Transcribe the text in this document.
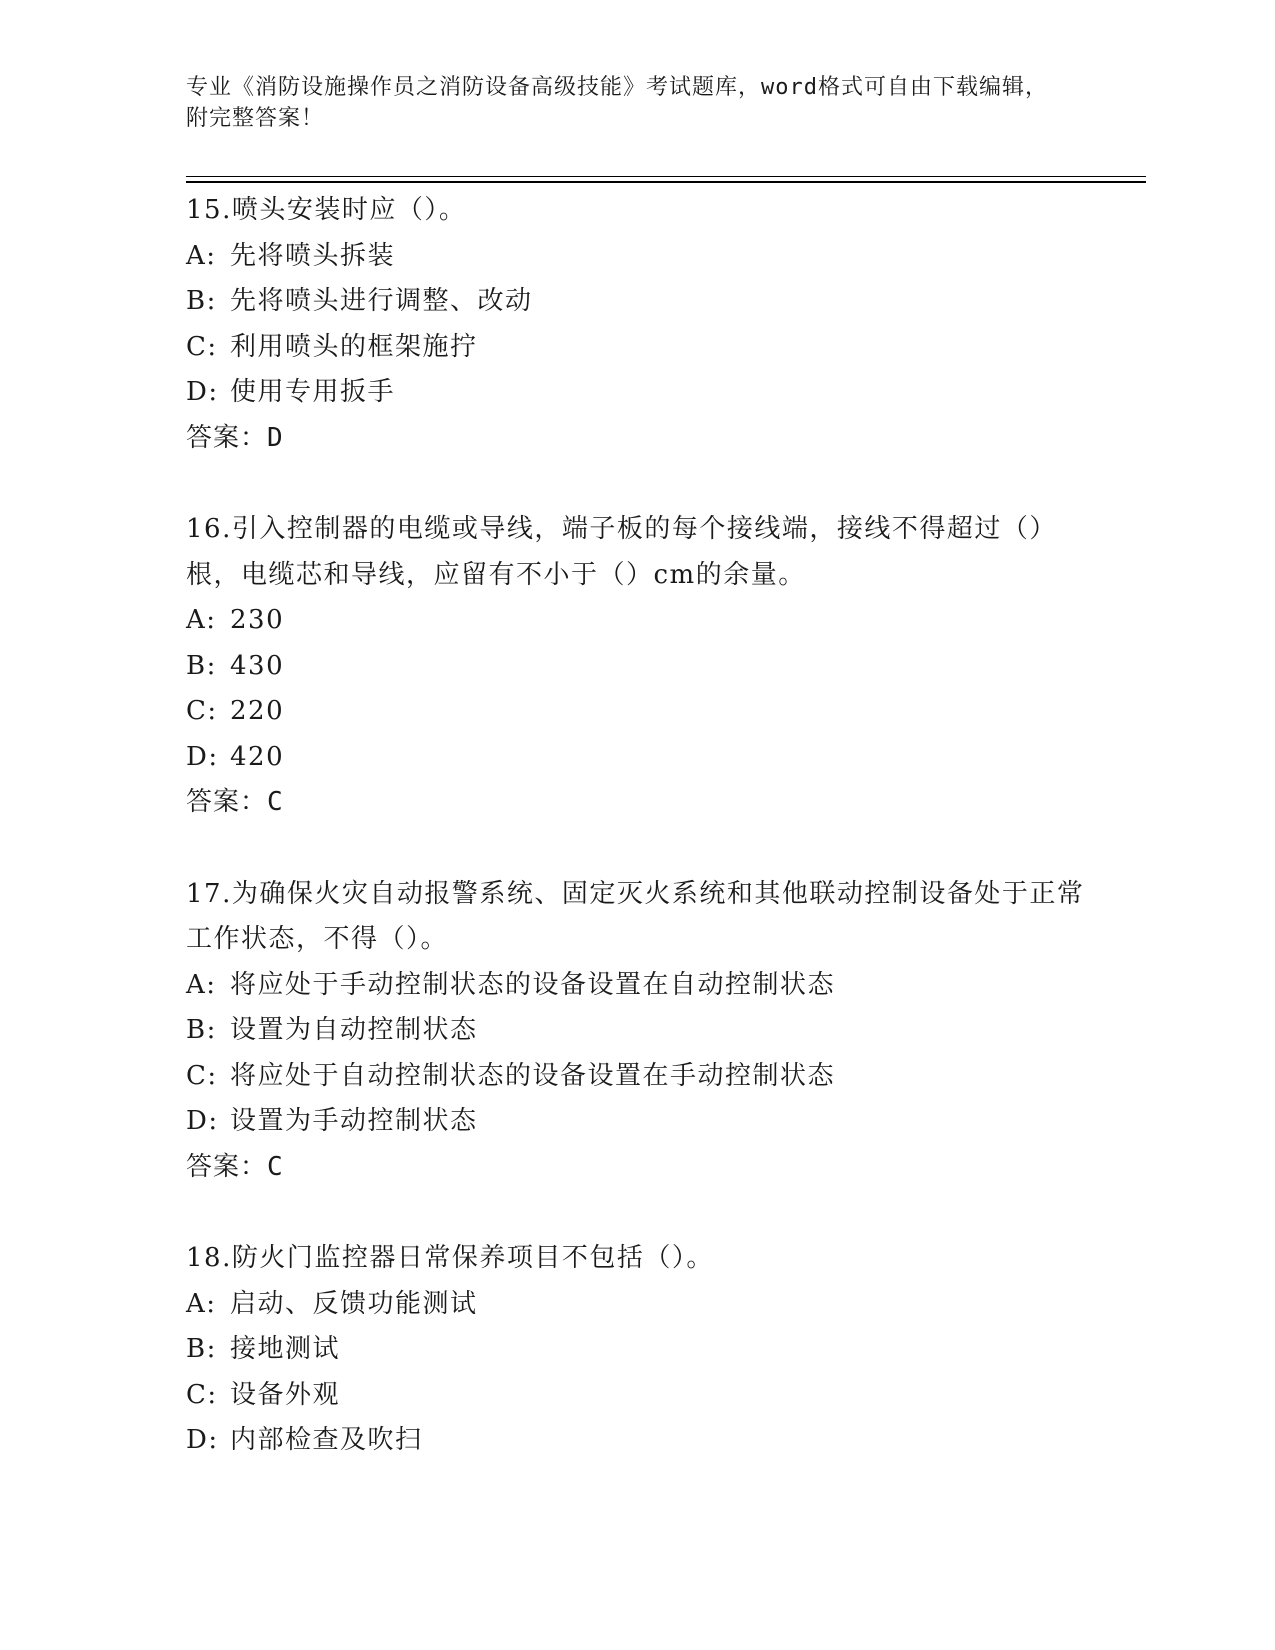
专业《消防设施操作员之消防设备高级技能》考试题库，word格式可自由下载编辑，附完整答案！
15.喷头安装时应（）。
A: 先将喷头拆装
B: 先将喷头进行调整、改动
C: 利用喷头的框架施拧
D: 使用专用扳手
答案：D
16.引入控制器的电缆或导线，端子板的每个接线端，接线不得超过（）根，电缆芯和导线，应留有不小于（）cm的余量。
A: 230
B: 430
C: 220
D: 420
答案：C
17.为确保火灾自动报警系统、固定灭火系统和其他联动控制设备处于正常工作状态，不得（）。
A: 将应处于手动控制状态的设备设置在自动控制状态
B: 设置为自动控制状态
C: 将应处于自动控制状态的设备设置在手动控制状态
D: 设置为手动控制状态
答案：C
18.防火门监控器日常保养项目不包括（）。
A: 启动、反馈功能测试
B: 接地测试
C: 设备外观
D: 内部检查及吹扫
